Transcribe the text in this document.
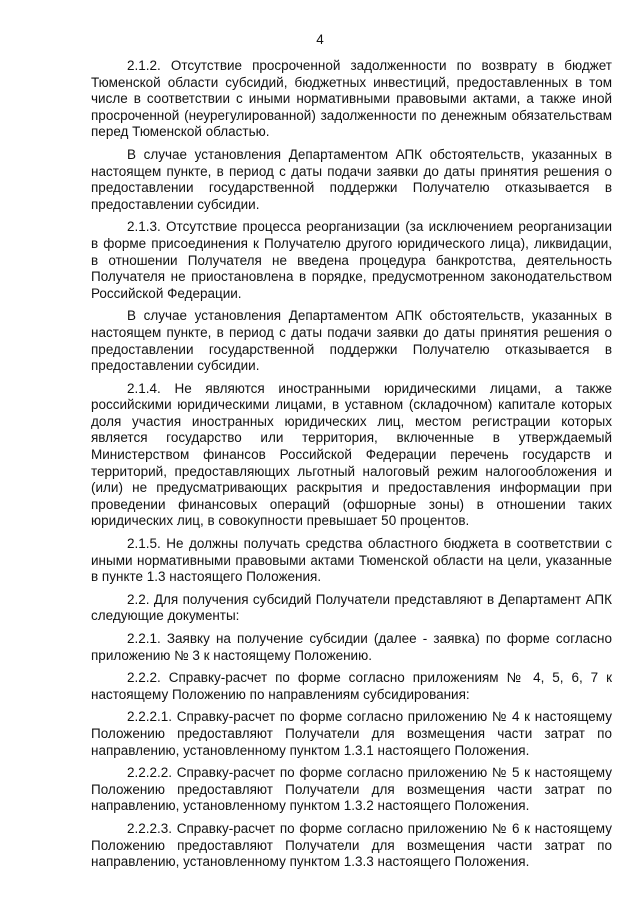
4

2.1.2. Отсутствие просроченной задолженности по возврату в бюджет Тюменской области субсидий, бюджетных инвестиций, предоставленных в том числе в соответствии с иными нормативными правовыми актами, а также иной просроченной (неурегулированной) задолженности по денежным обязательствам перед Тюменской областью.

В случае установления Департаментом АПК обстоятельств, указанных в настоящем пункте, в период с даты подачи заявки до даты принятия решения о предоставлении государственной поддержки Получателю отказывается в предоставлении субсидии.

2.1.3. Отсутствие процесса реорганизации (за исключением реорганизации в форме присоединения к Получателю другого юридического лица), ликвидации, в отношении Получателя не введена процедура банкротства, деятельность Получателя не приостановлена в порядке, предусмотренном законодательством Российской Федерации.

В случае установления Департаментом АПК обстоятельств, указанных в настоящем пункте, в период с даты подачи заявки до даты принятия решения о предоставлении государственной поддержки Получателю отказывается в предоставлении субсидии.

2.1.4. Не являются иностранными юридическими лицами, а также российскими юридическими лицами, в уставном (складочном) капитале которых доля участия иностранных юридических лиц, местом регистрации которых является государство или территория, включенные в утверждаемый Министерством финансов Российской Федерации перечень государств и территорий, предоставляющих льготный налоговый режим налогообложения и (или) не предусматривающих раскрытия и предоставления информации при проведении финансовых операций (офшорные зоны) в отношении таких юридических лиц, в совокупности превышает 50 процентов.

2.1.5. Не должны получать средства областного бюджета в соответствии с иными нормативными правовыми актами Тюменской области на цели, указанные в пункте 1.3 настоящего Положения.

2.2. Для получения субсидий Получатели представляют в Департамент АПК следующие документы:

2.2.1. Заявку на получение субсидии (далее - заявка) по форме согласно приложению № 3 к настоящему Положению.

2.2.2. Справку-расчет по форме согласно приложениям № 4, 5, 6, 7 к настоящему Положению по направлениям субсидирования:

2.2.2.1. Справку-расчет по форме согласно приложению № 4 к настоящему Положению предоставляют Получатели для возмещения части затрат по направлению, установленному пунктом 1.3.1 настоящего Положения.

2.2.2.2. Справку-расчет по форме согласно приложению № 5 к настоящему Положению предоставляют Получатели для возмещения части затрат по направлению, установленному пунктом 1.3.2 настоящего Положения.

2.2.2.3. Справку-расчет по форме согласно приложению № 6 к настоящему Положению предоставляют Получатели для возмещения части затрат по направлению, установленному пунктом 1.3.3 настоящего Положения.
